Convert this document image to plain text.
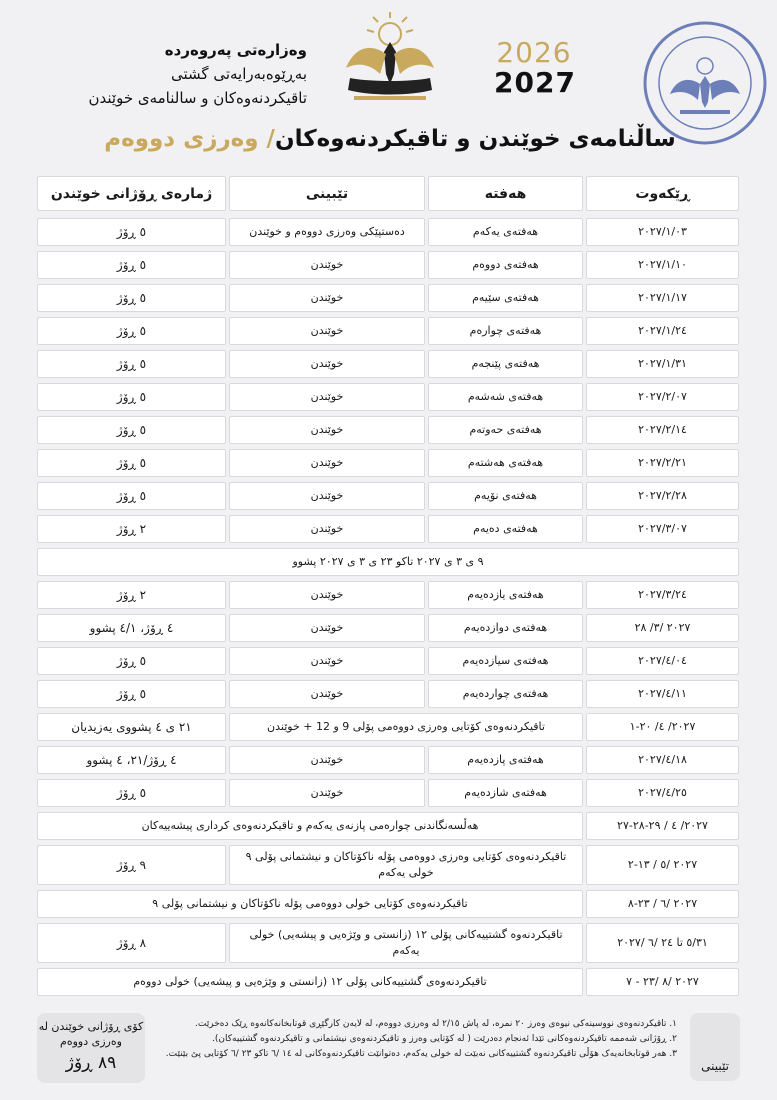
وەزارەتی پەروەردە
بەڕێوەبەرایەتی گشتی
تاقیکردنەوەکان و سالنامەی خوێندن
2026
2027
ساڵنامەی خوێندن و تاقیکردنەوەکان/ وەرزی دووەم
ڕێکەوت
هەفتە
تێبینی
ژمارەی ڕۆژانی خوێندن
٢٠٢٧/١/٠٣
هەفتەی یەکەم
دەستپێکی وەرزی دووەم و خوێندن
٥ ڕۆژ
٢٠٢٧/١/١٠
هەفتەی دووەم
خوێندن
٥ ڕۆژ
٢٠٢٧/١/١٧
هەفتەی سێیەم
خوێندن
٥ ڕۆژ
٢٠٢٧/١/٢٤
هەفتەی چوارەم
خوێندن
٥ ڕۆژ
٢٠٢٧/١/٣١
هەفتەی پێنجەم
خوێندن
٥ ڕۆژ
٢٠٢٧/٢/٠٧
هەفتەی شەشەم
خوێندن
٥ ڕۆژ
٢٠٢٧/٢/١٤
هەفتەی حەوتەم
خوێندن
٥ ڕۆژ
٢٠٢٧/٢/٢١
هەفتەی هەشتەم
خوێندن
٥ ڕۆژ
٢٠٢٧/٢/٢٨
هەفتەی نۆیەم
خوێندن
٥ ڕۆژ
٢٠٢٧/٣/٠٧
هەفتەی دەیەم
خوێندن
٢ ڕۆژ
٩ ی ٣ ی ٢٠٢٧ تاکو ٢٣ ی ٣ ی ٢٠٢٧ پشوو
٢٠٢٧/٣/٢٤
هەفتەی یازدەیەم
خوێندن
٢ ڕۆژ
٢٠٢٧ /٣/ ٢٨
هەفتەی دوازدەیەم
خوێندن
٤ ڕۆژ، ٤/١ پشوو
٢٠٢٧/٤/٠٤
هەفتەی سیازدەیەم
خوێندن
٥ ڕۆژ
٢٠٢٧/٤/١١
هەفتەی چواردەیەم
خوێندن
٥ ڕۆژ
٢٠٢٧/ ٤/ ٢٠-١
تاقیکردنەوەی کۆتایی وەرزی دووەمی پۆلی 9 و 12 + خوێندن
٢١ ی ٤ پشووی یەزیدیان
٢٠٢٧/٤/١٨
هەفتەی پازدەیەم
خوێندن
٤ ڕۆژ/٢١، ٤ پشوو
٢٠٢٧/٤/٢٥
هەفتەی شازدەیەم
خوێندن
٥ ڕۆژ
٢٠٢٧/ ٤ / ٢٩-٢٨-٢٧
هەڵسەنگاندنی چوارەمی پازنەی یەکەم و تاقیکردنەوەی کرداری پیشەییەکان
٢٠٢٧ /٥ / ١٣-٢
تاقیکردنەوەی کۆتایی وەرزی دووەمی پۆلە ناکۆتاکان و نیشتمانی پۆلی ٩ خولی یەکەم
٩ ڕۆژ
٢٠٢٧ /٦ / ٢٣-٨
تاقیکردنەوەی کۆتایی خولی دووەمی پۆلە ناکۆتاکان و نیشتمانی پۆلی ٩
٥/٣١ تا ٢٤ /٦ /٢٠٢٧
تاقیکردنەوە گشتییەکانی پۆلی ١٢ (زانستی و وێژەیی و پیشەیی) خولی یەکەم
٨ ڕۆژ
٢٠٢٧ /٨ /٢٣ - ٧
تاقیکردنەوەی گشتییەکانی پۆلی ١٢ (زانستی و وێژەیی و پیشەیی) خولی دووەم
تێبینی
١. تاقیکردنەوەی نووسینەکی نیوەی وەرز ٢٠ نمرە، لە پاش ٢/١٥ لە وەرزی دووەم، لە لایەن کارگێڕی قوتابخانەکانەوە ڕێک دەخرێت.
٢. ڕۆژانی شەممە تاقیکردنەوەکانی تێدا ئەنجام دەدرێت ( لە کۆتایی وەرز و تاقیکردنەوەی نیشتمانی و تاقیکردنەوە گشتییەکان).
٣. هەر قوتابخانەیەک هۆڵی تاقیکردنەوە گشتییەکانی نەبێت لە خولی یەکەم، دەتوانێت تاقیکردنەوەکانی لە ١٤ /٦ تاکو ٢٣ /٦ کۆتایی پێ بێنێت.
کۆی ڕۆژانی خوێندن لە وەرزی دووەم
٨٩ ڕۆژ
